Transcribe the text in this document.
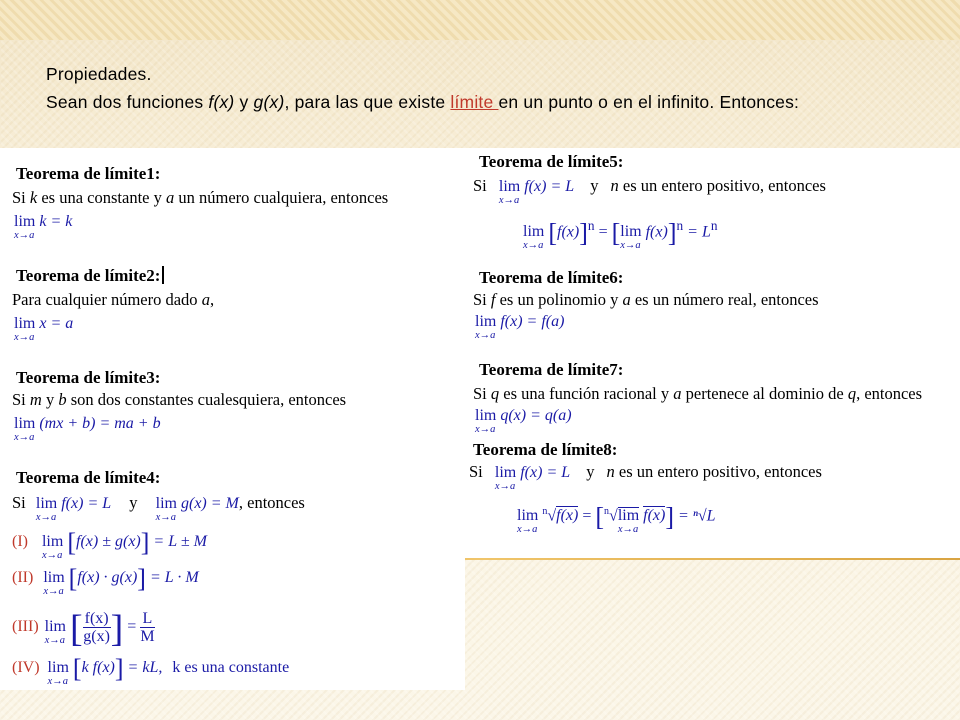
Propiedades.
Sean dos funciones f(x) y g(x), para las que existe límite en un punto o en el infinito. Entonces:
Teorema de límite1:
Si k es una constante y a un número cualquiera, entonces
lim
x→a
k = k
Teorema de límite2:
Para cualquier número dado a,
lim
x→a
x = a
Teorema de límite3:
Si m y b son dos constantes cualesquiera, entonces
lim
x→a
(mx + b) = ma + b
Teorema de límite4:
Si lim
x→a
f(x) = L y lim
x→a
g(x) = M, entonces
(I) lim
x→a [f(x) ± g(x)] = L ± M
(II) lim
x→a [f(x) · g(x)] = L · M
(III) lim
x→a [ $\frac{f(x)}{g(x)}$ ] = $\frac{L}{M}$
(IV) lim
x→a [k f(x)] = kL, k es una constante
Teorema de límite5:
Si lim
x→a
f(x) = L y n es un entero positivo, entonces
lim
x→a $[f(x)]^n = [\lim$
x→a
$f(x)]^n = L^n$
Teorema de límite6:
Si f es un polinomio y a es un número real, entonces
lim
x→a
f(x) = f(a)
Teorema de límite7:
Si q es una función racional y a pertenece al dominio de q, entonces
lim
x→a
q(x) = q(a)
Teorema de límite8:
Si lim
x→a
f(x) = L y n es un entero positivo, entonces
lim
x→a
$^n$√f(x) = [$^n$√lim
x→a
f(x)] = ⁿ√L
